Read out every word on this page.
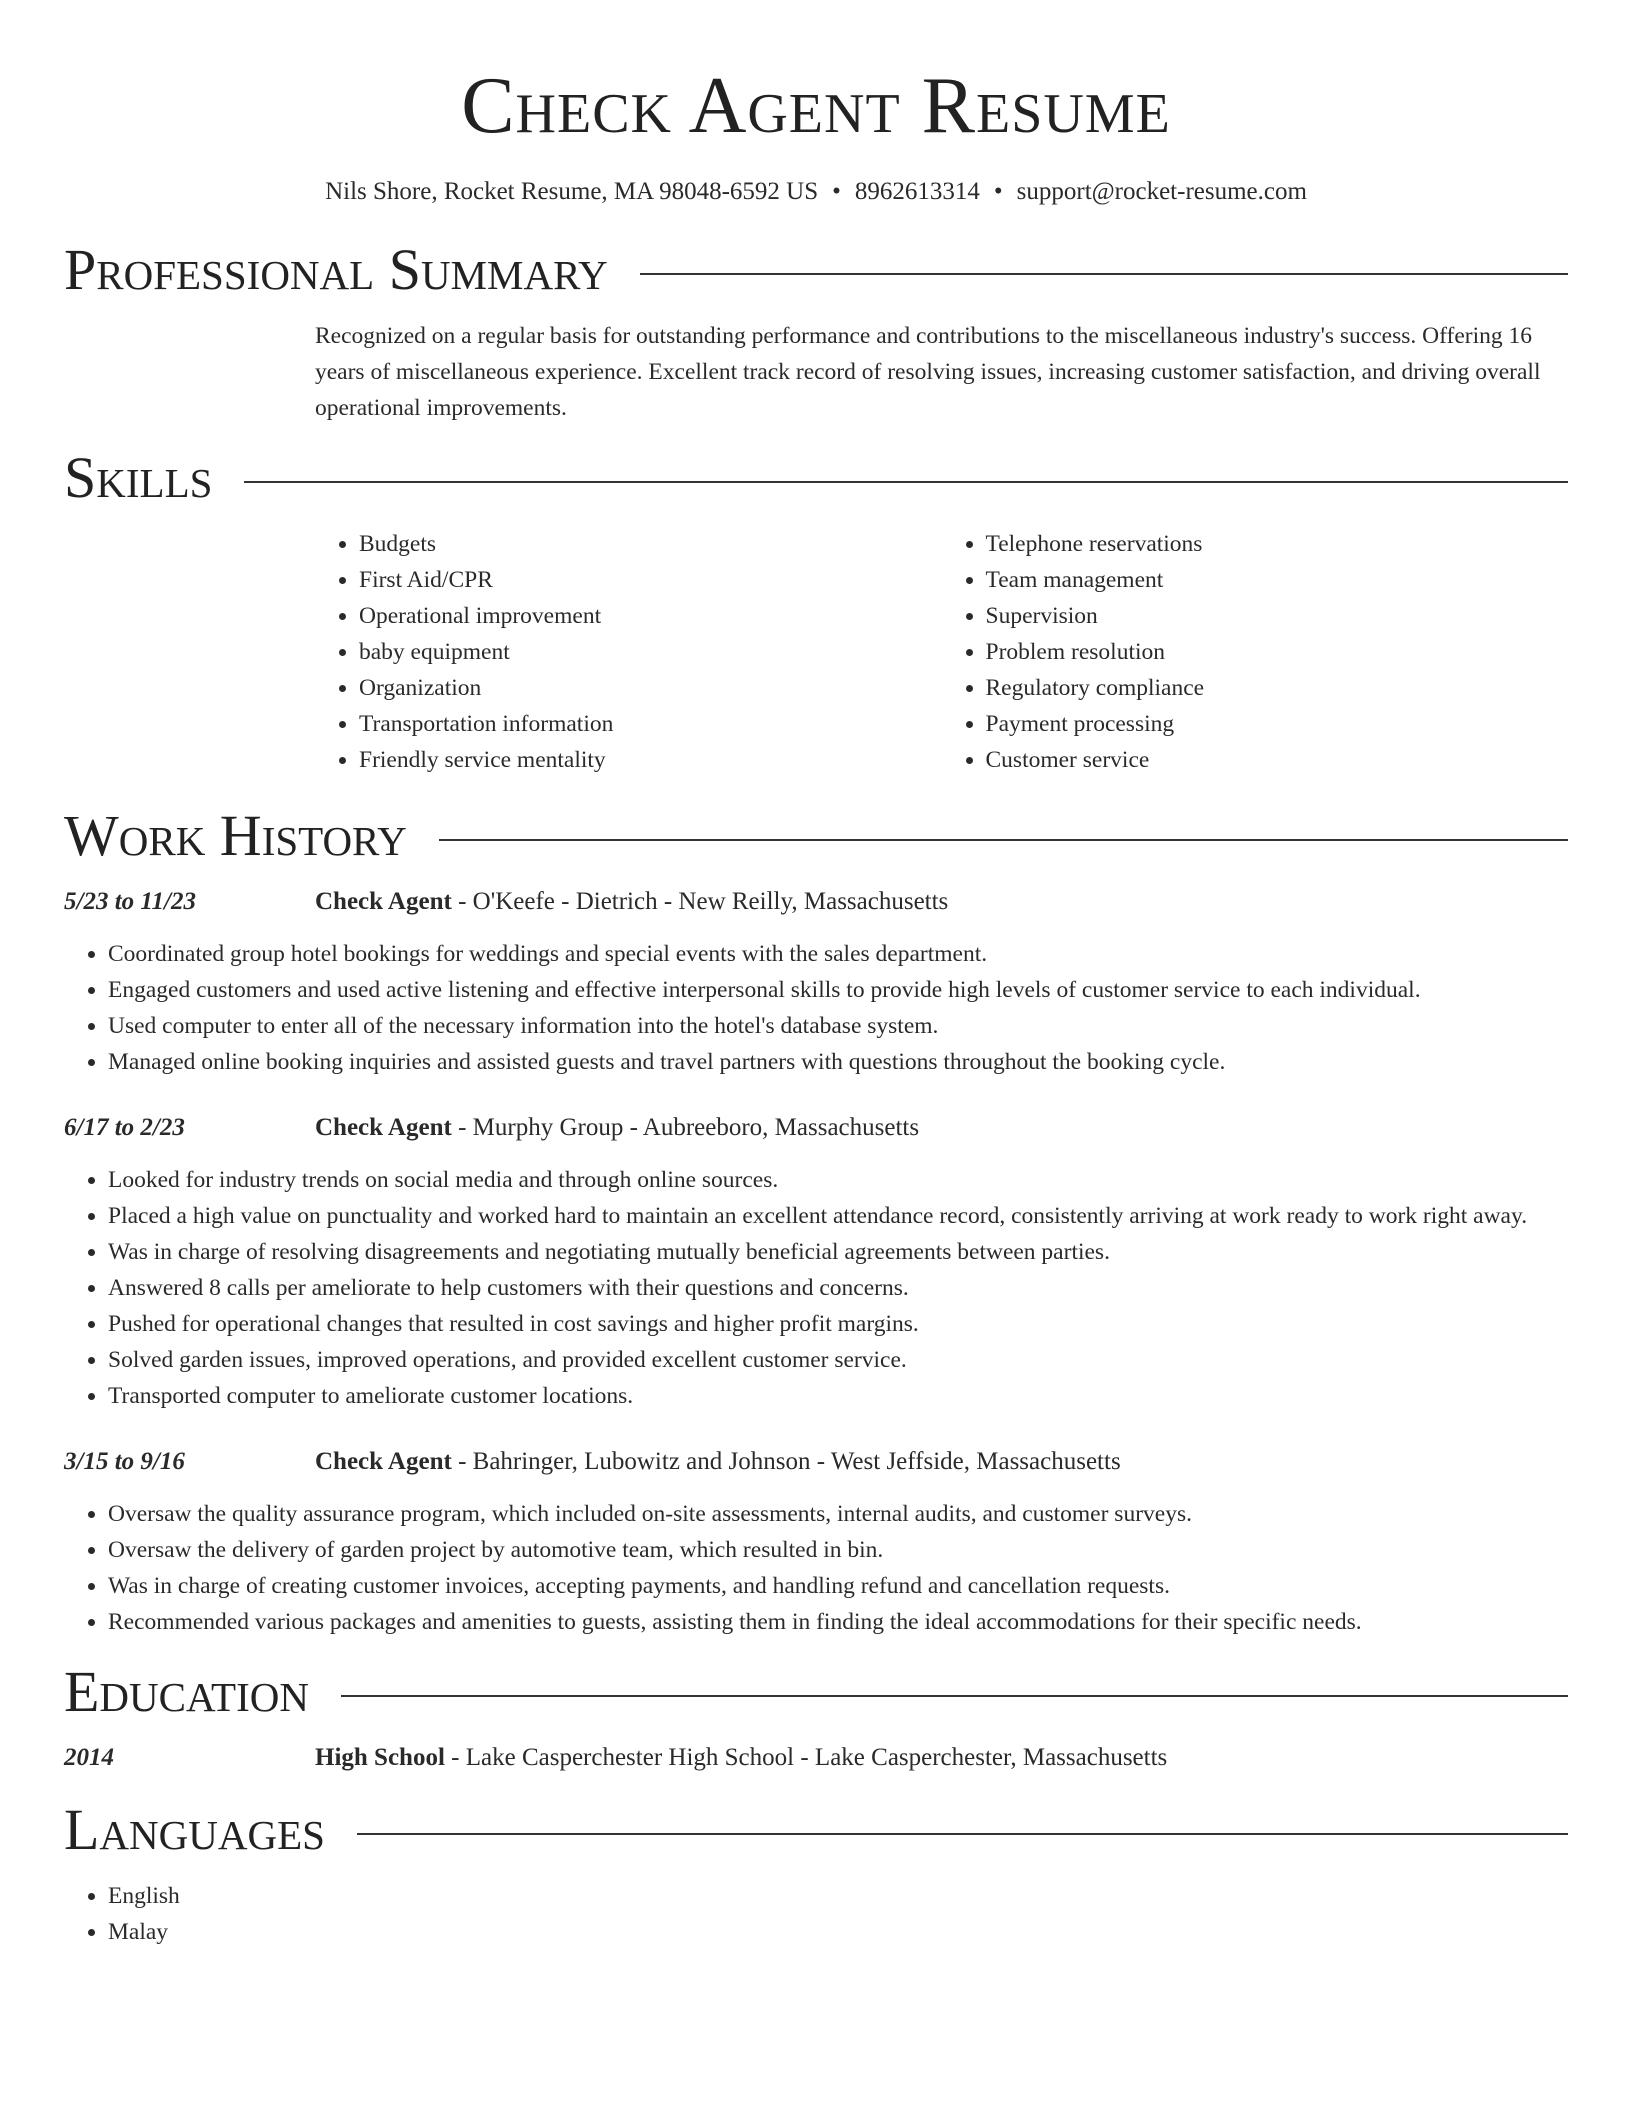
Check Agent Resume
Nils Shore, Rocket Resume, MA 98048-6592 US • 8962613314 • support@rocket-resume.com
Professional Summary
Recognized on a regular basis for outstanding performance and contributions to the miscellaneous industry's success. Offering 16 years of miscellaneous experience. Excellent track record of resolving issues, increasing customer satisfaction, and driving overall operational improvements.
Skills
• Budgets
• First Aid/CPR
• Operational improvement
• baby equipment
• Organization
• Transportation information
• Friendly service mentality
• Telephone reservations
• Team management
• Supervision
• Problem resolution
• Regulatory compliance
• Payment processing
• Customer service
Work History
5/23 to 11/23	Check Agent - O'Keefe - Dietrich - New Reilly, Massachusetts
• Coordinated group hotel bookings for weddings and special events with the sales department.
• Engaged customers and used active listening and effective interpersonal skills to provide high levels of customer service to each individual.
• Used computer to enter all of the necessary information into the hotel's database system.
• Managed online booking inquiries and assisted guests and travel partners with questions throughout the booking cycle.
6/17 to 2/23	Check Agent - Murphy Group - Aubreeboro, Massachusetts
• Looked for industry trends on social media and through online sources.
• Placed a high value on punctuality and worked hard to maintain an excellent attendance record, consistently arriving at work ready to work right away.
• Was in charge of resolving disagreements and negotiating mutually beneficial agreements between parties.
• Answered 8 calls per ameliorate to help customers with their questions and concerns.
• Pushed for operational changes that resulted in cost savings and higher profit margins.
• Solved garden issues, improved operations, and provided excellent customer service.
• Transported computer to ameliorate customer locations.
3/15 to 9/16	Check Agent - Bahringer, Lubowitz and Johnson - West Jeffside, Massachusetts
• Oversaw the quality assurance program, which included on-site assessments, internal audits, and customer surveys.
• Oversaw the delivery of garden project by automotive team, which resulted in bin.
• Was in charge of creating customer invoices, accepting payments, and handling refund and cancellation requests.
• Recommended various packages and amenities to guests, assisting them in finding the ideal accommodations for their specific needs.
Education
2014	High School - Lake Casperchester High School - Lake Casperchester, Massachusetts
Languages
• English
• Malay
